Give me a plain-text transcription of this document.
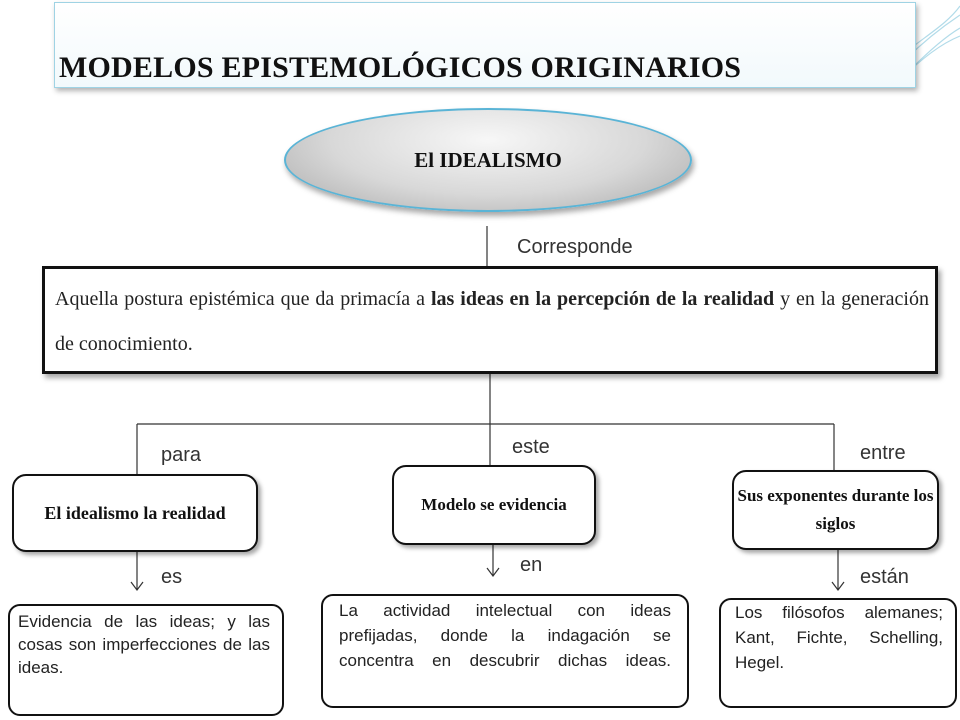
MODELOS EPISTEMOLÓGICOS ORIGINARIOS
El IDEALISMO
Corresponde

Aquella postura epistémica que da primacía a las ideas en la percepción de la realidad y en la generación de conocimiento.

para
El idealismo la realidad
es

Evidencia de las ideas; y las cosas son imperfecciones de las ideas.

este
Modelo se evidencia
en

La actividad intelectual con ideas prefijadas, donde la indagación se concentra en descubrir dichas ideas.

entre
Sus exponentes durante los siglos
están

Los filósofos alemanes; Kant, Fichte, Schelling, Hegel.
